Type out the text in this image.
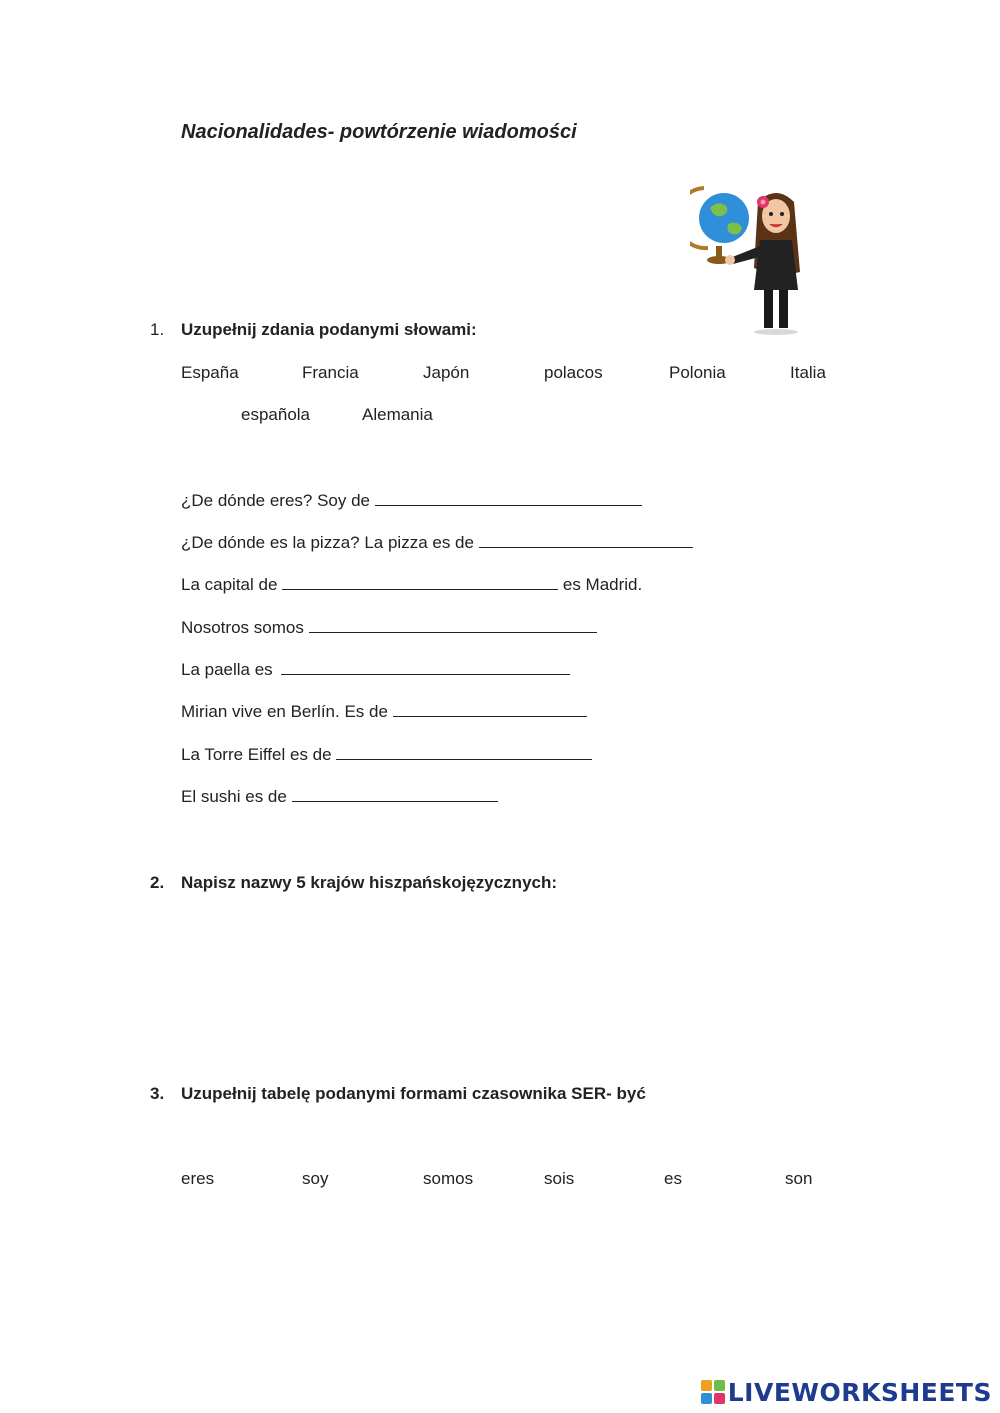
Nacionalidades- powtórzenie wiadomości
1. Uzupełnij zdania podanymi słowami:
España	Francia	Japón	polacos	Polonia	Italia
española	Alemania
¿De dónde eres? Soy de
¿De dónde es la pizza? La pizza es de
La capital de	es Madrid.
Nosotros somos
La paella es
Mirian vive en Berlín. Es de
La Torre Eiffel es de
El sushi es de
2. Napisz nazwy 5 krajów hiszpańskojęzycznych:
3. Uzupełnij tabelę podanymi formami czasownika SER- być
eres	soy	somos	sois	es	son
LIVEWORKSHEETS
